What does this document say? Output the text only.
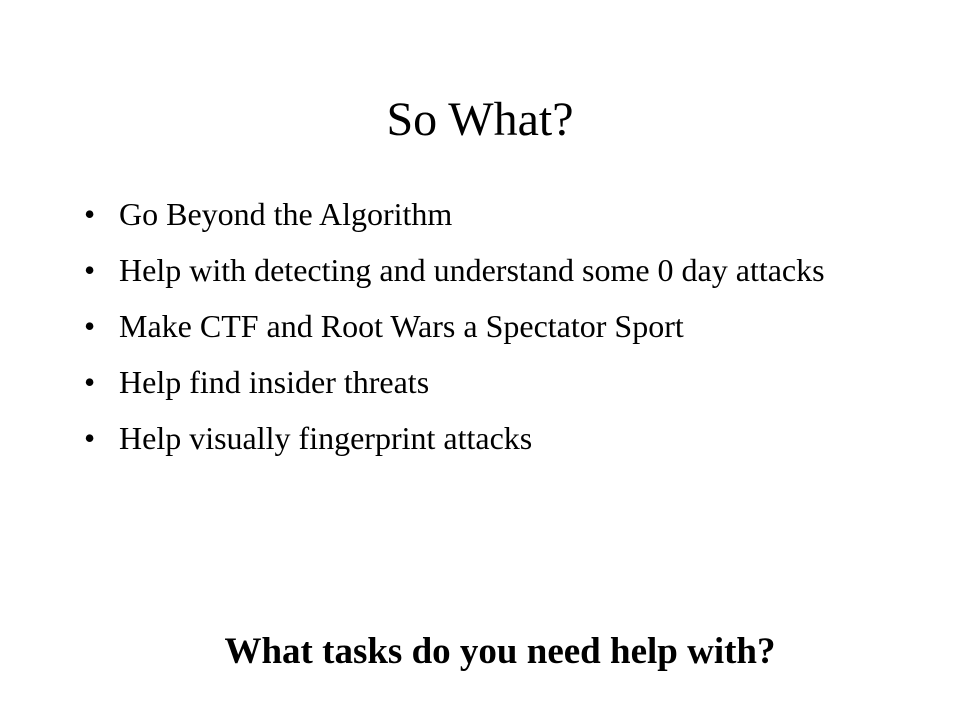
So What?
• Go Beyond the Algorithm
• Help with detecting and understand some 0 day attacks
• Make CTF and Root Wars a Spectator Sport
• Help find insider threats
• Help visually fingerprint attacks

What tasks do you need help with?
